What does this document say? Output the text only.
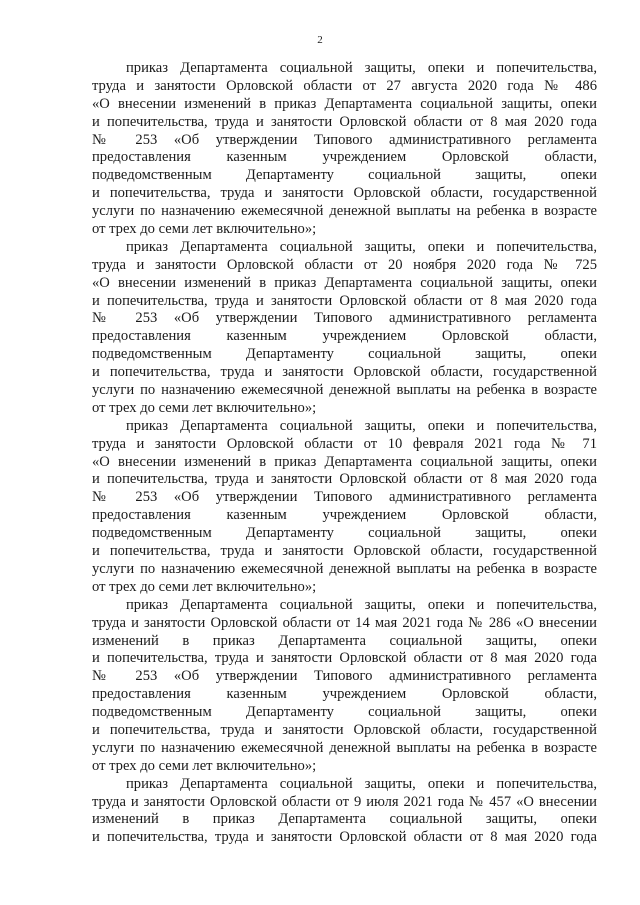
2
приказ Департамента социальной защиты, опеки и попечительства,
труда и занятости Орловской области от 27 августа 2020 года № 486
«О внесении изменений в приказ Департамента социальной защиты, опеки
и попечительства, труда и занятости Орловской области от 8 мая 2020 года
№ 253 «Об утверждении Типового административного регламента
предоставления казенным учреждением Орловской области,
подведомственным Департаменту социальной защиты, опеки
и попечительства, труда и занятости Орловской области, государственной
услуги по назначению ежемесячной денежной выплаты на ребенка в возрасте
от трех до семи лет включительно»;
приказ Департамента социальной защиты, опеки и попечительства,
труда и занятости Орловской области от 20 ноября 2020 года № 725
«О внесении изменений в приказ Департамента социальной защиты, опеки
и попечительства, труда и занятости Орловской области от 8 мая 2020 года
№ 253 «Об утверждении Типового административного регламента
предоставления казенным учреждением Орловской области,
подведомственным Департаменту социальной защиты, опеки
и попечительства, труда и занятости Орловской области, государственной
услуги по назначению ежемесячной денежной выплаты на ребенка в возрасте
от трех до семи лет включительно»;
приказ Департамента социальной защиты, опеки и попечительства,
труда и занятости Орловской области от 10 февраля 2021 года № 71
«О внесении изменений в приказ Департамента социальной защиты, опеки
и попечительства, труда и занятости Орловской области от 8 мая 2020 года
№ 253 «Об утверждении Типового административного регламента
предоставления казенным учреждением Орловской области,
подведомственным Департаменту социальной защиты, опеки
и попечительства, труда и занятости Орловской области, государственной
услуги по назначению ежемесячной денежной выплаты на ребенка в возрасте
от трех до семи лет включительно»;
приказ Департамента социальной защиты, опеки и попечительства,
труда и занятости Орловской области от 14 мая 2021 года № 286 «О внесении
изменений в приказ Департамента социальной защиты, опеки
и попечительства, труда и занятости Орловской области от 8 мая 2020 года
№ 253 «Об утверждении Типового административного регламента
предоставления казенным учреждением Орловской области,
подведомственным Департаменту социальной защиты, опеки
и попечительства, труда и занятости Орловской области, государственной
услуги по назначению ежемесячной денежной выплаты на ребенка в возрасте
от трех до семи лет включительно»;
приказ Департамента социальной защиты, опеки и попечительства,
труда и занятости Орловской области от 9 июля 2021 года № 457 «О внесении
изменений в приказ Департамента социальной защиты, опеки
и попечительства, труда и занятости Орловской области от 8 мая 2020 года
